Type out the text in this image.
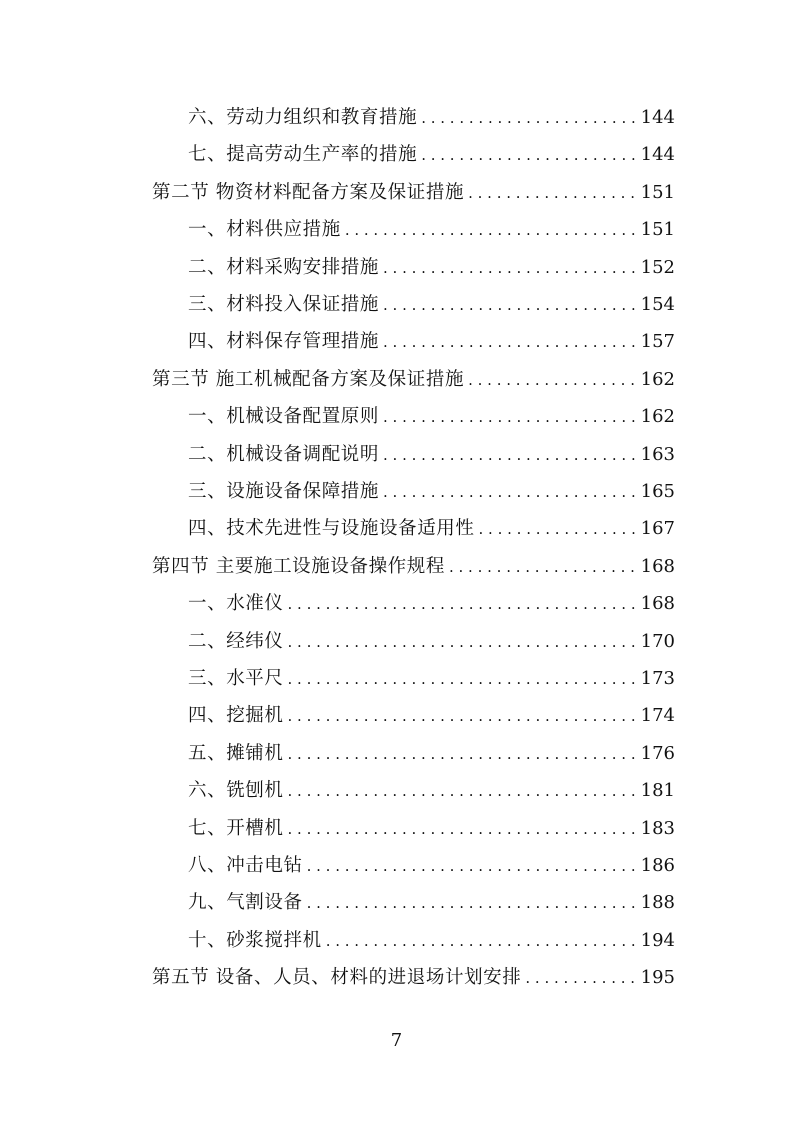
六、劳动力组织和教育措施 . . .	144
七、提高劳动生产率的措施 . . .	144
第二节 物资材料配备方案及保证措施 . . .	151
一、材料供应措施 . . .	151
二、材料采购安排措施 . . .	152
三、材料投入保证措施 . . .	154
四、材料保存管理措施 . . .	157
第三节 施工机械配备方案及保证措施 . . .	162
一、机械设备配置原则 . . .	162
二、机械设备调配说明 . . .	163
三、设施设备保障措施 . . .	165
四、技术先进性与设施设备适用性 . . .	167
第四节 主要施工设施设备操作规程 . . .	168
一、水准仪 . . .	168
二、经纬仪 . . .	170
三、水平尺 . . .	173
四、挖掘机 . . .	174
五、摊铺机 . . .	176
六、铣刨机 . . .	181
七、开槽机 . . .	183
八、冲击电钻 . . .	186
九、气割设备 . . .	188
十、砂浆搅拌机 . . .	194
第五节 设备、人员、材料的进退场计划安排 . . .	195
7
